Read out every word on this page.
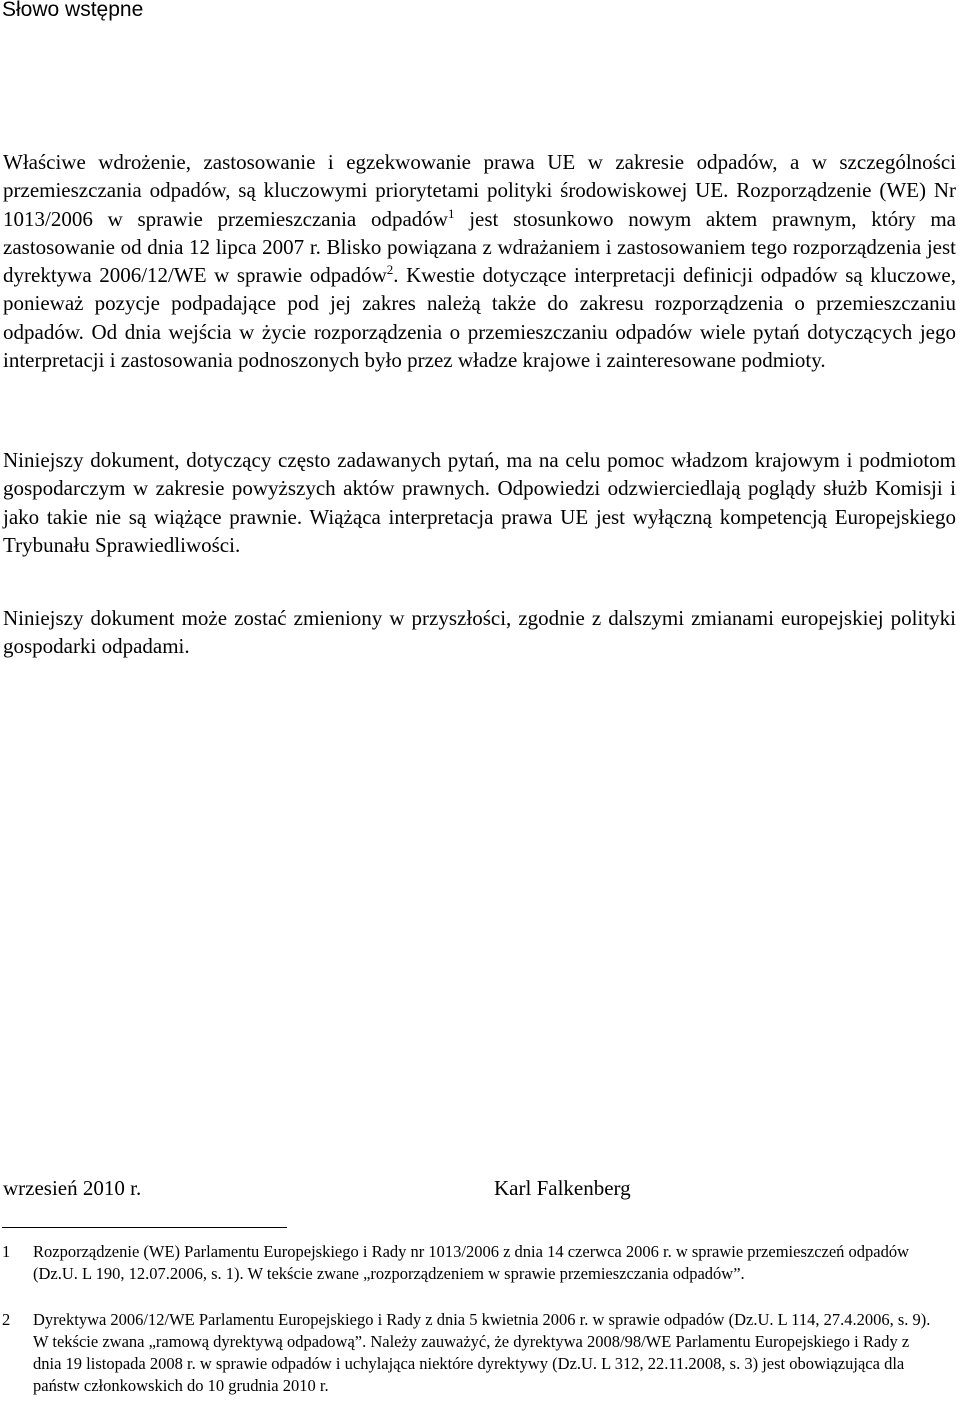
Słowo wstępne

Właściwe wdrożenie, zastosowanie i egzekwowanie prawa UE w zakresie odpadów, a w szczególności przemieszczania odpadów, są kluczowymi priorytetami polityki środowiskowej UE. Rozporządzenie (WE) Nr 1013/2006 w sprawie przemieszczania odpadów$^1$ jest stosunkowo nowym aktem prawnym, który ma zastosowanie od dnia 12 lipca 2007 r. Blisko powiązana z wdrażaniem i zastosowaniem tego rozporządzenia jest dyrektywa 2006/12/WE w sprawie odpadów$^2$. Kwestie dotyczące interpretacji definicji odpadów są kluczowe, ponieważ pozycje podpadające pod jej zakres należą także do zakresu rozporządzenia o przemieszczaniu odpadów. Od dnia wejścia w życie rozporządzenia o przemieszczaniu odpadów wiele pytań dotyczących jego interpretacji i zastosowania podnoszonych było przez władze krajowe i zainteresowane podmioty.

Niniejszy dokument, dotyczący często zadawanych pytań, ma na celu pomoc władzom krajowym i podmiotom gospodarczym w zakresie powyższych aktów prawnych. Odpowiedzi odzwierciedlają poglądy służb Komisji i jako takie nie są wiążące prawnie. Wiążąca interpretacja prawa UE jest wyłączną kompetencją Europejskiego Trybunału Sprawiedliwości.

Niniejszy dokument może zostać zmieniony w przyszłości, zgodnie z dalszymi zmianami europejskiej polityki gospodarki odpadami.

wrzesień 2010 r.	Karl Falkenberg
1	Rozporządzenie (WE) Parlamentu Europejskiego i Rady nr 1013/2006 z dnia 14 czerwca 2006 r. w sprawie przemieszczeń odpadów (Dz.U. L 190, 12.07.2006, s. 1). W tekście zwane „rozporządzeniem w sprawie przemieszczania odpadów”.
2	Dyrektywa 2006/12/WE Parlamentu Europejskiego i Rady z dnia 5 kwietnia 2006 r. w sprawie odpadów (Dz.U. L 114, 27.4.2006, s. 9). W tekście zwana „ramową dyrektywą odpadową”. Należy zauważyć, że dyrektywa 2008/98/WE Parlamentu Europejskiego i Rady z dnia 19 listopada 2008 r. w sprawie odpadów i uchylająca niektóre dyrektywy (Dz.U. L 312, 22.11.2008, s. 3) jest obowiązująca dla państw członkowskich do 10 grudnia 2010 r.
